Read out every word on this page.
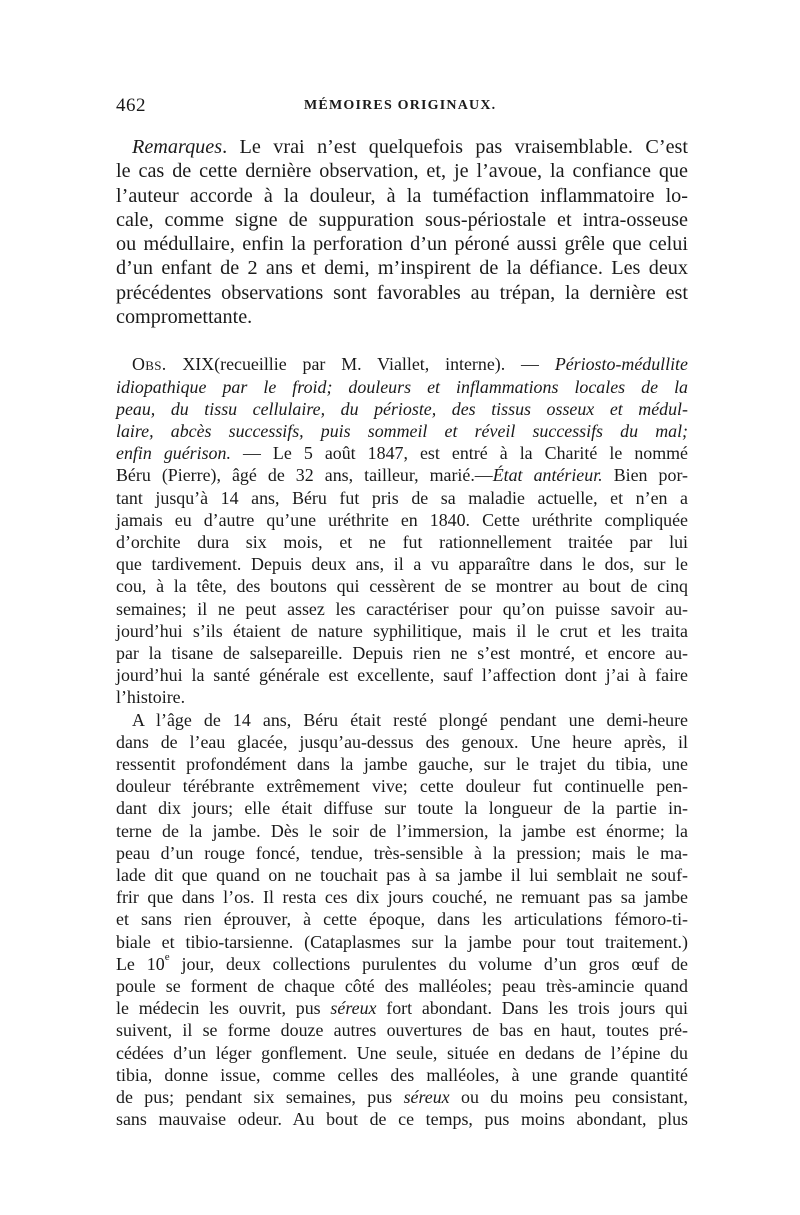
462	MÉMOIRES ORIGINAUX.

Remarques. Le vrai n’est quelquefois pas vraisemblable. C’est

le cas de cette dernière observation, et, je l’avoue, la confiance que

l’auteur accorde à la douleur, à la tuméfaction inflammatoire lo-

cale, comme signe de suppuration sous-périostale et intra-osseuse

ou médullaire, enfin la perforation d’un péroné aussi grêle que celui

d’un enfant de 2 ans et demi, m’inspirent de la défiance. Les deux

précédentes observations sont favorables au trépan, la dernière est

compromettante.

Obs. XIX(recueillie par M. Viallet, interne). — Périosto-médullite

idiopathique par le froid; douleurs et inflammations locales de la

peau, du tissu cellulaire, du périoste, des tissus osseux et médul-

laire, abcès successifs, puis sommeil et réveil successifs du mal;

enfin guérison. — Le 5 août 1847, est entré à la Charité le nommé

Béru (Pierre), âgé de 32 ans, tailleur, marié.—État antérieur. Bien por-

tant jusqu’à 14 ans, Béru fut pris de sa maladie actuelle, et n’en a

jamais eu d’autre qu’une uréthrite en 1840. Cette uréthrite compliquée

d’orchite dura six mois, et ne fut rationnellement traitée par lui

que tardivement. Depuis deux ans, il a vu apparaître dans le dos, sur le

cou, à la tête, des boutons qui cessèrent de se montrer au bout de cinq

semaines; il ne peut assez les caractériser pour qu’on puisse savoir au-

jourd’hui s’ils étaient de nature syphilitique, mais il le crut et les traita

par la tisane de salsepareille. Depuis rien ne s’est montré, et encore au-

jourd’hui la santé générale est excellente, sauf l’affection dont j’ai à faire

l’histoire.

A l’âge de 14 ans, Béru était resté plongé pendant une demi-heure

dans de l’eau glacée, jusqu’au-dessus des genoux. Une heure après, il

ressentit profondément dans la jambe gauche, sur le trajet du tibia, une

douleur térébrante extrêmement vive; cette douleur fut continuelle pen-

dant dix jours; elle était diffuse sur toute la longueur de la partie in-

terne de la jambe. Dès le soir de l’immersion, la jambe est énorme; la

peau d’un rouge foncé, tendue, très-sensible à la pression; mais le ma-

lade dit que quand on ne touchait pas à sa jambe il lui semblait ne souf-

frir que dans l’os. Il resta ces dix jours couché, ne remuant pas sa jambe

et sans rien éprouver, à cette époque, dans les articulations fémoro-ti-

biale et tibio-tarsienne. (Cataplasmes sur la jambe pour tout traitement.)

Le 10e jour, deux collections purulentes du volume d’un gros œuf de

poule se forment de chaque côté des malléoles; peau très-amincie quand

le médecin les ouvrit, pus séreux fort abondant. Dans les trois jours qui

suivent, il se forme douze autres ouvertures de bas en haut, toutes pré-

cédées d’un léger gonflement. Une seule, située en dedans de l’épine du

tibia, donne issue, comme celles des malléoles, à une grande quantité

de pus; pendant six semaines, pus séreux ou du moins peu consistant,

sans mauvaise odeur. Au bout de ce temps, pus moins abondant, plus
